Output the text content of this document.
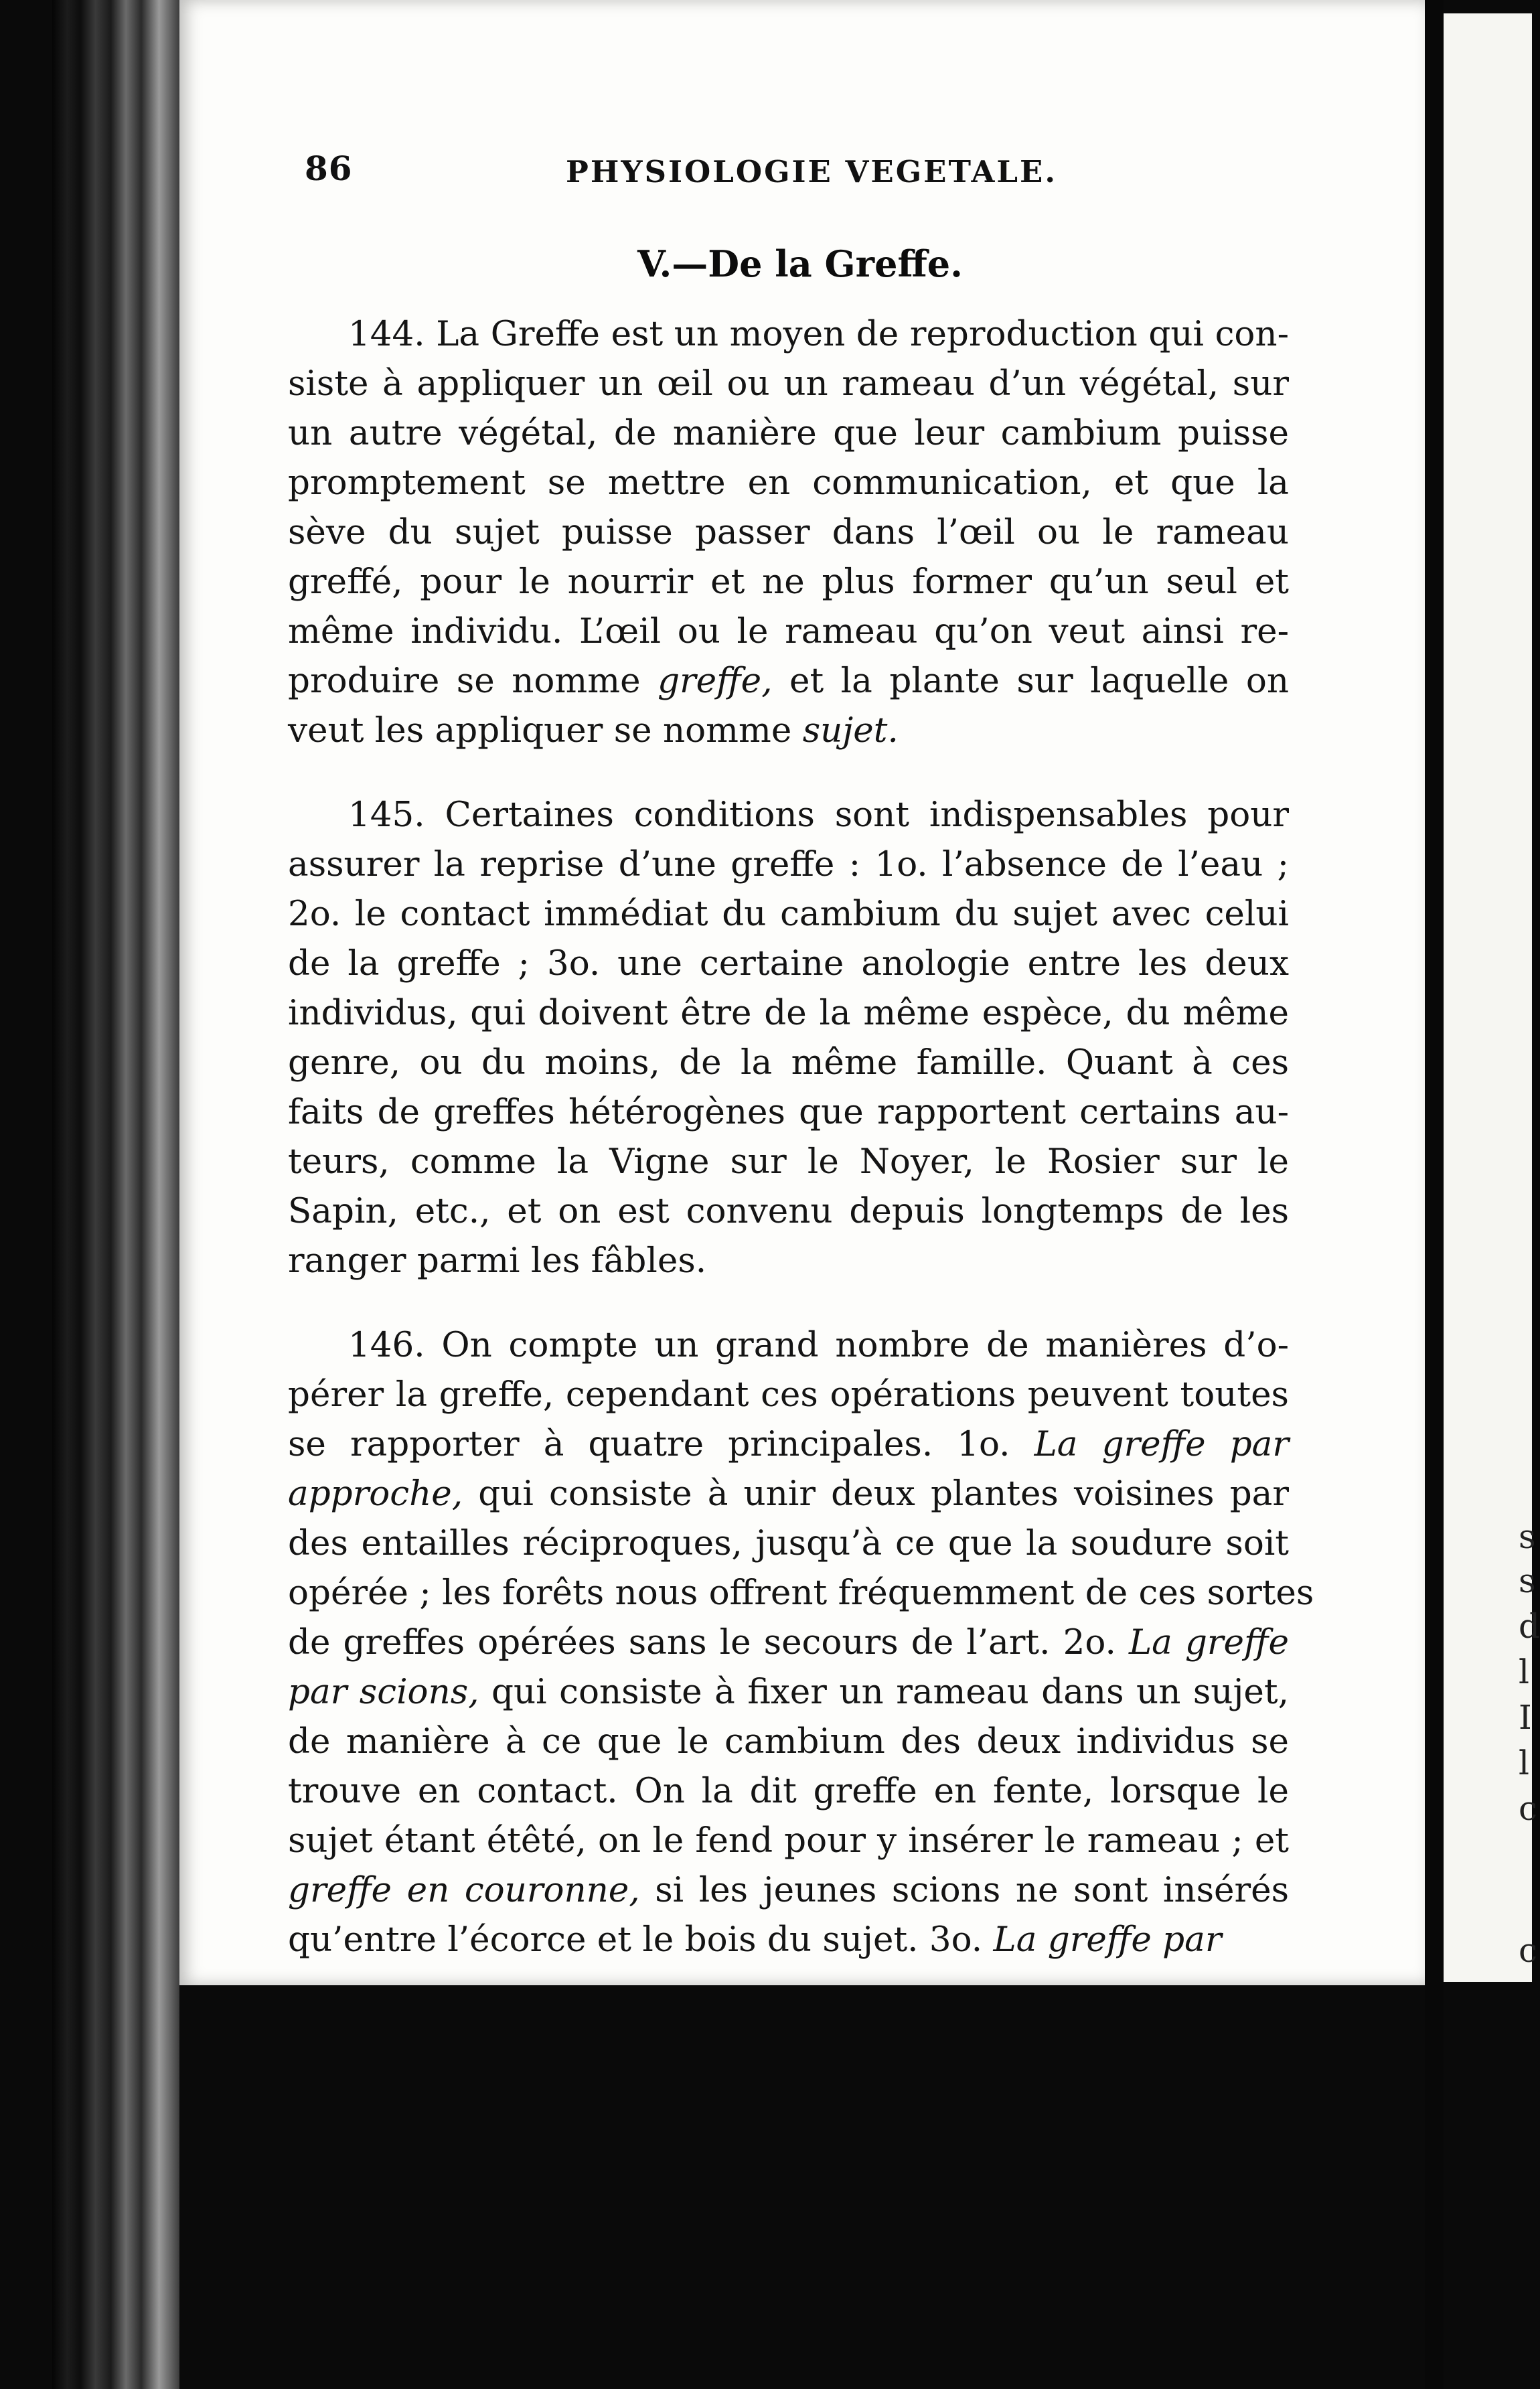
s
s
d
l
I
l
c
c
86	PHYSIOLOGIE VEGETALE.
V.—De la Greffe.
144. La Greffe est un moyen de reproduction qui con-
siste à appliquer un œil ou un rameau d’un végétal, sur
un autre végétal, de manière que leur cambium puisse
promptement se mettre en communication, et que la
sève du sujet puisse passer dans l’œil ou le rameau
greffé, pour le nourrir et ne plus former qu’un seul et
même individu. L’œil ou le rameau qu’on veut ainsi re-
produire se nomme greffe, et la plante sur laquelle on
veut les appliquer se nomme sujet.
145. Certaines conditions sont indispensables pour
assurer la reprise d’une greffe : 1o. l’absence de l’eau ;
2o. le contact immédiat du cambium du sujet avec celui
de la greffe ; 3o. une certaine anologie entre les deux
individus, qui doivent être de la même espèce, du même
genre, ou du moins, de la même famille. Quant à ces
faits de greffes hétérogènes que rapportent certains au-
teurs, comme la Vigne sur le Noyer, le Rosier sur le
Sapin, etc., et on est convenu depuis longtemps de les
ranger parmi les fâbles.
146. On compte un grand nombre de manières d’o-
pérer la greffe, cependant ces opérations peuvent toutes
se rapporter à quatre principales. 1o. La greffe par
approche, qui consiste à unir deux plantes voisines par
des entailles réciproques, jusqu’à ce que la soudure soit
opérée ; les forêts nous offrent fréquemment de ces sortes
de greffes opérées sans le secours de l’art. 2o. La greffe
par scions, qui consiste à fixer un rameau dans un sujet,
de manière à ce que le cambium des deux individus se
trouve en contact. On la dit greffe en fente, lorsque le
sujet étant étêté, on le fend pour y insérer le rameau ; et
greffe en couronne, si les jeunes scions ne sont insérés
qu’entre l’écorce et le bois du sujet. 3o. La greffe par
